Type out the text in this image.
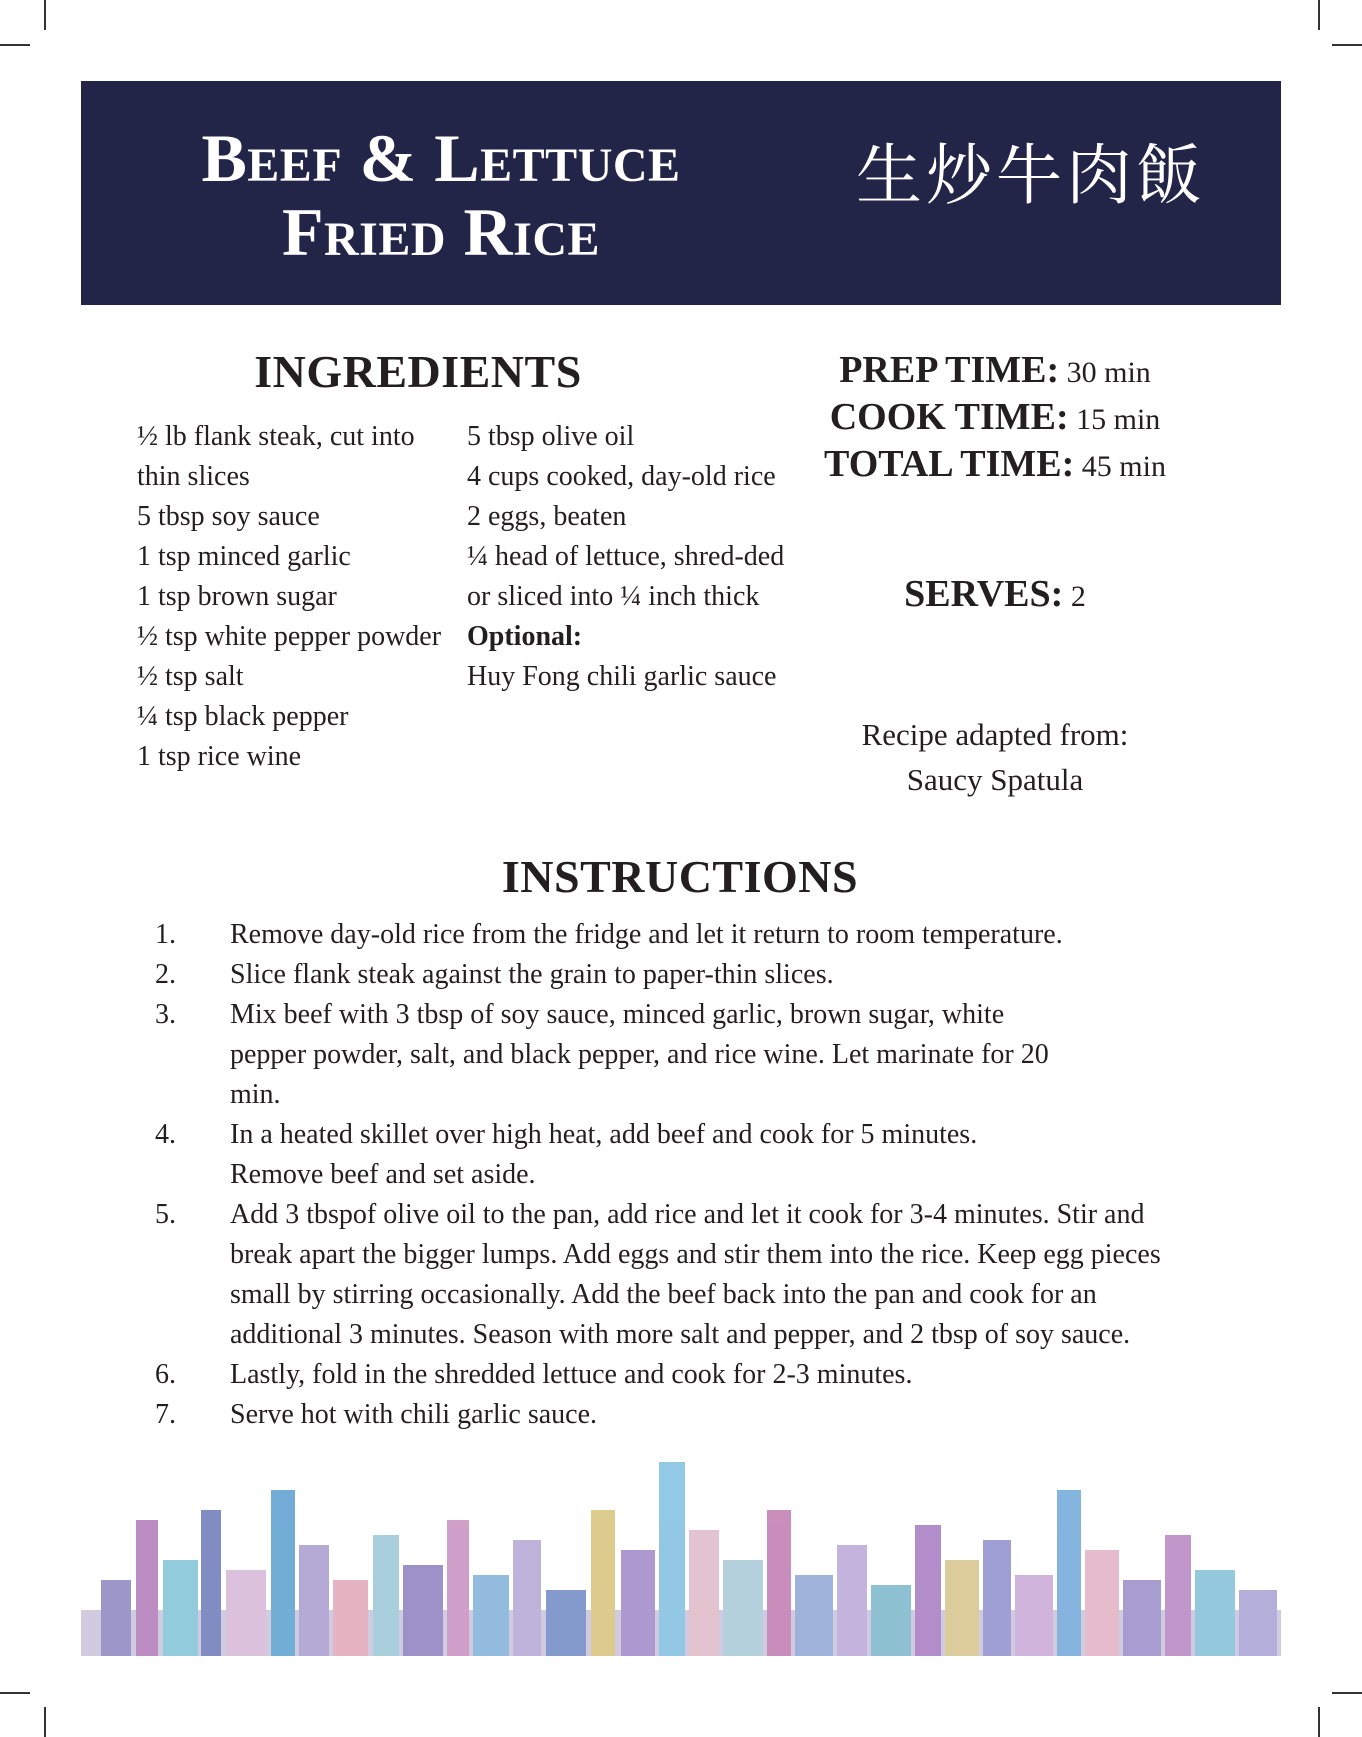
Beef & Lettuce
Fried Rice
生炒牛肉飯
INGREDIENTS
½ lb flank steak, cut into thin slices
5 tbsp soy sauce
1 tsp minced garlic
1 tsp brown sugar
½ tsp white pepper powder
½ tsp salt
¼ tsp black pepper
1 tsp rice wine
5 tbsp olive oil
4 cups cooked, day-old rice
2 eggs, beaten
¼ head of lettuce, shred-ded or sliced into ¼ inch thick
Optional:
Huy Fong chili garlic sauce
PREP TIME: 30 min
COOK TIME: 15 min
TOTAL TIME: 45 min
SERVES: 2
Recipe adapted from:
Saucy Spatula
INSTRUCTIONS
1. Remove day-old rice from the fridge and let it return to room temperature.
2. Slice flank steak against the grain to paper-thin slices.
3. Mix beef with 3 tbsp of soy sauce, minced garlic, brown sugar, white pepper powder, salt, and black pepper, and rice wine. Let marinate for 20 min.
4. In a heated skillet over high heat, add beef and cook for 5 minutes. Remove beef and set aside.
5. Add 3 tbspof olive oil to the pan, add rice and let it cook for 3-4 minutes. Stir and break apart the bigger lumps. Add eggs and stir them into the rice. Keep egg pieces small by stirring occasionally. Add the beef back into the pan and cook for an additional 3 minutes. Season with more salt and pepper, and 2 tbsp of soy sauce.
6. Lastly, fold in the shredded lettuce and cook for 2-3 minutes.
7. Serve hot with chili garlic sauce.
